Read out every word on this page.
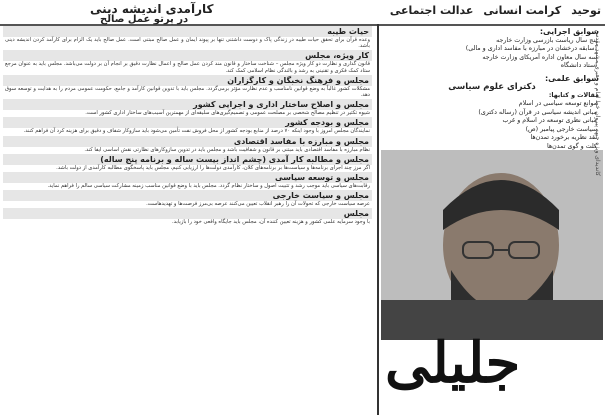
توحید
کرامت انسانی
عدالت اجتماعی
کارآمدی اندیشه دینی
در پرتو عمل صالح
حیات طیبه

وعده قرآن برای تحقق حیات طیبه در زندگی پاک و دوست داشتنی تنها بر پیوند ایمان و عمل صالح مبتنی است. عمل صالح باید یک الزام برای کارآمد کردن اندیشه دینی باشد.

کار ویژه، مجلس

قانون گذاری و نظارت دو کار ویژه مجلس – شناخت ساختار و قانون مند کردن عمل صالح و اعمال نظارت دقیق بر انجام آن بر دولت می‌باشد. مجلس باید به عنوان مرجع ستاد کمک فکری و تقنینی به رشد و بالندگی نظام اسلامی کمک کند.

مجلس و فرهنگ نخبگان و کارگزاران

مشکلات کشور غالباً به وضع قوانین نامناسب و عدم نظارت مؤثر برمی‌گردد. مجلس باید با تدوین قوانین کارآمد و جامع، حکومت عمومی مردم را به هدایت و توسعه سوق دهد.

مجلس و اصلاح ساختار اداری و اجرایی کشور

شیوه تکثیر در تنظیم مصالح شخصی بر مصلحت عمومی و تصمیم‌گیری‌های سلیقه‌ای از مهمترین آسیب‌های ساختار اداری کشور است.

مجلس و بودجه کشور

نمایندگان مجلس امروز با وجود اینکه ۷۰ درصد از منابع بودجه کشور از محل فروش نفت تأمین می‌شود باید سازوکار شفاف و دقیق برای هزینه کرد آن فراهم کنند.

مجلس و مبارزه با مفاسد اقتصادی

نظام مبارزه با مفاسد اقتصادی باید مبتنی بر قانون و شفافیت باشد و مجلس باید در تدوین سازوکارهای نظارتی نقش اساسی ایفا کند.

مجلس و مطالبه کار آمدی (چشم انداز بیست ساله و برنامه پنج ساله)

اگر مرز چند اجرای برنامه‌ها و سیاست‌ها بر برنامه‌های کلان، کارآمدی دولت‌ها را ارزیابی کنیم، مجلس باید پاسخگوی مطالبه کارآمدی از دولت باشد.

مجلس و توسعه سیاسی

رقابت‌های سیاسی باید موجب رشد و تثبیت اصول و ساختار نظام گردد. مجلس باید با وضع قوانین مناسب زمینه مشارکت سیاسی سالم را فراهم نماید.

مجلس و سیاست خارجی

عرصه سیاست خارجی که تحولات آن را رهبر انقلاب تعیین می‌کنند عرصه بی‌مرز فرصت‌ها و تهدیدهاست.

مجلس

با وجود سرمایه علمی کشور و هزینه تعیین کننده آن، مجلس باید جایگاه واقعی خود را بازیابد.

سوابق اجرایی:
پنج سال ریاست بازرسی وزارت خارجه
(سابقه درخشان در مبارزه با مفاسد اداری و مالی)
سه سال معاون اداره آمریکای وزارت خارجه
استاد دانشگاه
سوابق علمی:
دکترای علوم سیاسی
مقالات و کتابها:
موانع توسعه سیاسی در اسلام
مبانی اندیشه سیاسی در قرآن (رساله دکتری)
مبانی نظری توسعه در اسلام و غرب
سیاست خارجی پیامبر (ص)
نقد نظریه برخورد تمدن‌ها
کلت و گوی تمدن‌ها
کاندیدای ویژه جبهه پیروان خط امام و رهبری مشهد مقدس
جلیلی
